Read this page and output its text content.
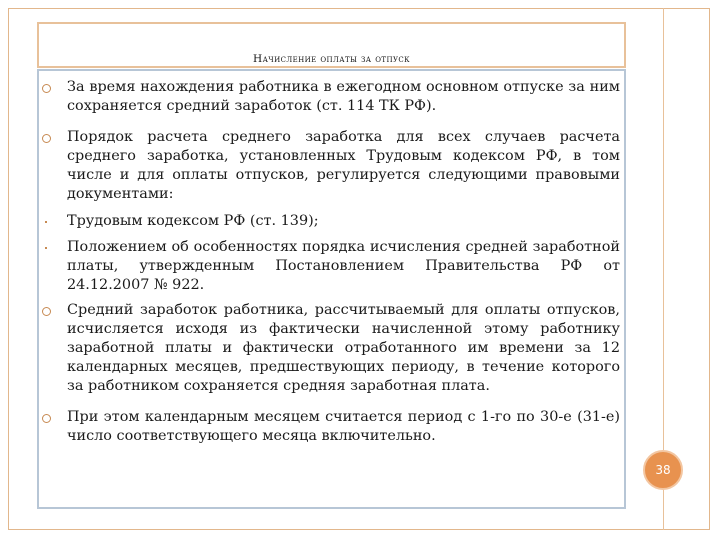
Начисление оплаты за отпуск
За время нахождения работника в ежегодном основном отпуске за ним сохраняется средний заработок (ст. 114 ТК РФ).
Порядок расчета среднего заработка для всех случаев расчета среднего заработка, установленных Трудовым кодексом РФ, в том числе и для оплаты отпусков, регулируется следующими правовыми документами:
Трудовым кодексом РФ (ст. 139);
Положением об особенностях порядка исчисления средней заработной платы, утвержденным Постановлением Правительства РФ от 24.12.2007 № 922.
Средний заработок работника, рассчитываемый для оплаты отпусков, исчисляется исходя из фактически начисленной этому работнику заработной платы и фактически отработанного им времени за 12 календарных месяцев, предшествующих периоду, в течение которого за работником сохраняется средняя заработная плата.
При этом календарным месяцем считается период с 1-го по 30-е (31-е) число соответствующего месяца включительно.
38
